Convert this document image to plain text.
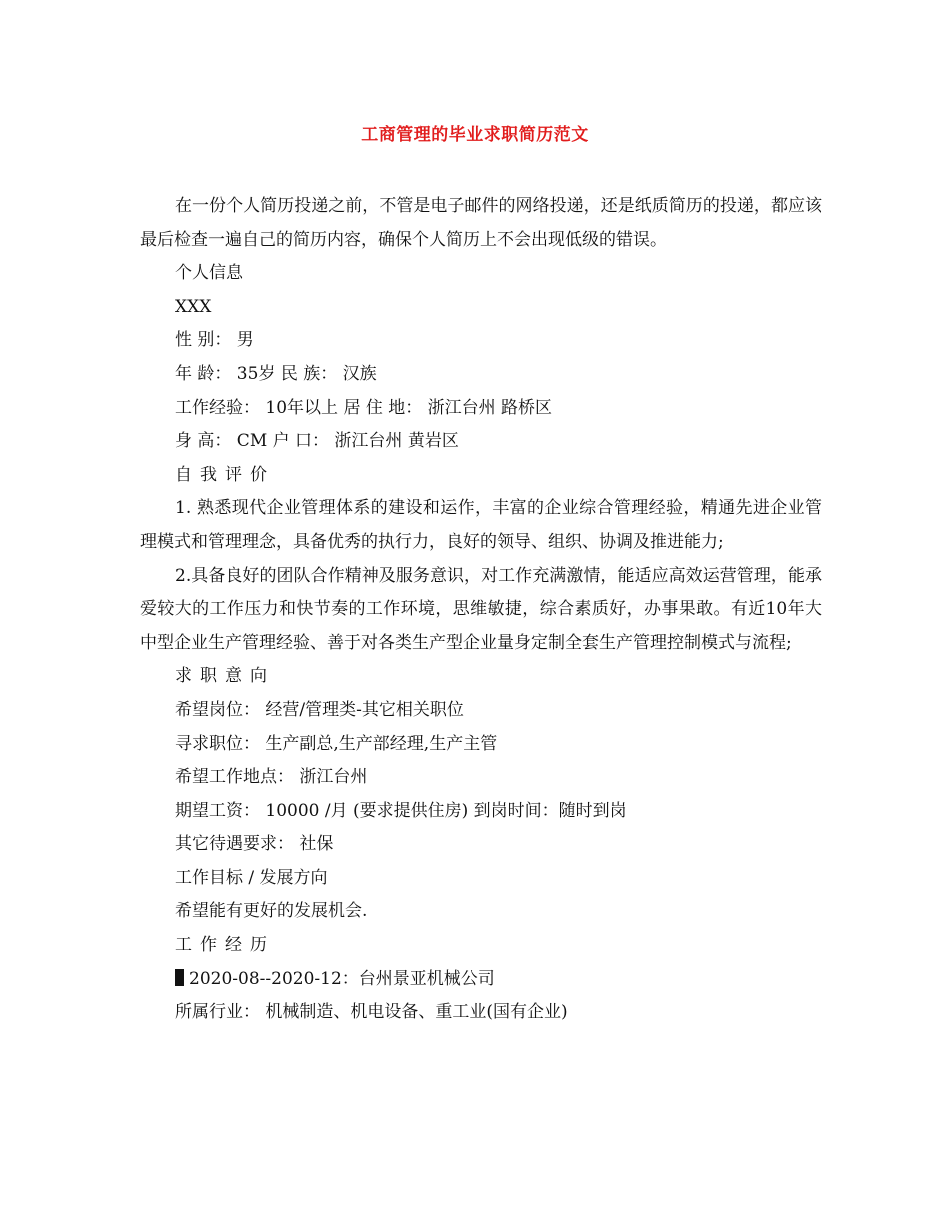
工商管理的毕业求职简历范文

在一份个人简历投递之前，不管是电子邮件的网络投递，还是纸质简历的投递，都应该最后检查一遍自己的简历内容，确保个人简历上不会出现低级的错误。

个人信息

XXX

性 别： 男

年 龄： 35岁 民 族： 汉族

工作经验： 10年以上 居 住 地： 浙江台州 路桥区

身 高： CM 户 口： 浙江台州 黄岩区

自我评价

1. 熟悉现代企业管理体系的建设和运作，丰富的企业综合管理经验，精通先进企业管理模式和管理理念，具备优秀的执行力，良好的领导、组织、协调及推进能力;

2.具备良好的团队合作精神及服务意识，对工作充满激情，能适应高效运营管理，能承爱较大的工作压力和快节奏的工作环境，思维敏捷，综合素质好，办事果敢。有近10年大中型企业生产管理经验、善于对各类生产型企业量身定制全套生产管理控制模式与流程;

求职意向

希望岗位： 经营/管理类-其它相关职位

寻求职位： 生产副总,生产部经理,生产主管

希望工作地点： 浙江台州

期望工资： 10000 /月 (要求提供住房) 到岗时间：随时到岗

其它待遇要求： 社保

工作目标 / 发展方向

希望能有更好的发展机会.

工作经历

2020-08--2020-12：台州景亚机械公司

所属行业： 机械制造、机电设备、重工业(国有企业)
